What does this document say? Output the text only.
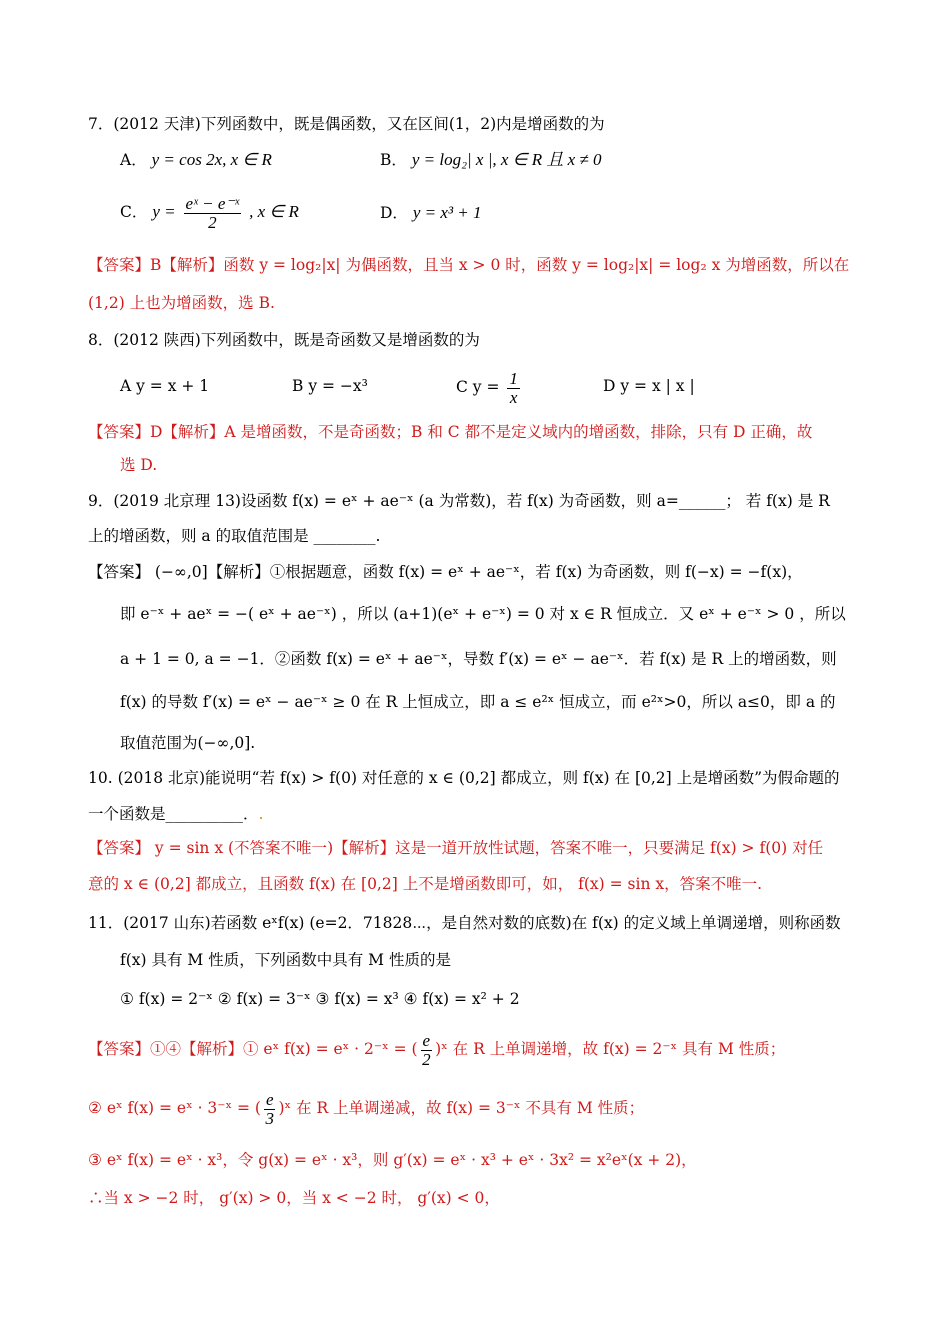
7．(2012 天津)下列函数中，既是偶函数，又在区间(1，2)内是增函数的为
A． y = cos 2x, x ∈ R	B． y = log₂| x |, x ∈ R 且 x ≠ 0
C． $y = \frac{\text{eˣ − e⁻ˣ}}{2}$ , x ∈ R	D． y = x³ + 1
【答案】B【解析】函数 y = log₂|x| 为偶函数，且当 x > 0 时，函数 y = log₂|x| = log₂ x 为增函数，所以在
(1,2) 上也为增函数，选 B.
8．(2012 陕西)下列函数中，既是奇函数又是增函数的为
A y = x + 1	B y = −x³	C $y = \frac{1}{x}$	D y = x | x |
【答案】D【解析】A 是增函数，不是奇函数；B 和 C 都不是定义域内的增函数，排除，只有 D 正确，故
选 D.
9．(2019 北京理 13)设函数 f(x) = eˣ + ae⁻ˣ (a 为常数)，若 f(x) 为奇函数，则 a=______； 若 f(x) 是 R
上的增函数，则 a 的取值范围是 ________.
【答案】 (−∞,0]【解析】①根据题意，函数 f(x) = eˣ + ae⁻ˣ，若 f(x) 为奇函数，则 f(−x) = −f(x)，
即 e⁻ˣ + aeˣ = −( eˣ + ae⁻ˣ) ，所以 (a+1)(eˣ + e⁻ˣ) = 0 对 x ∈ R 恒成立．又 eˣ + e⁻ˣ > 0 ，所以
a + 1 = 0, a = −1．②函数 f(x) = eˣ + ae⁻ˣ，导数 f′(x) = eˣ − ae⁻ˣ．若 f(x) 是 R 上的增函数，则
f(x) 的导数 f′(x) = eˣ − ae⁻ˣ ≥ 0 在 R 上恒成立，即 a ≤ e²ˣ 恒成立，而 e²ˣ>0，所以 a≤0，即 a 的
取值范围为(−∞,0].
10. (2018 北京)能说明“若 f(x) > f(0) 对任意的 x ∈ (0,2] 都成立，则 f(x) 在 [0,2] 上是增函数”为假命题的
一个函数是__________．.
【答案】 y = sin x (不答案不唯一)【解析】这是一道开放性试题，答案不唯一，只要满足 f(x) > f(0) 对任
意的 x ∈ (0,2] 都成立，且函数 f(x) 在 [0,2] 上不是增函数即可，如， f(x) = sin x，答案不唯一.
11．(2017 山东)若函数 eˣf(x) (e=2．71828⋯，是自然对数的底数)在 f(x) 的定义域上单调递增，则称函数
f(x) 具有 M 性质，下列函数中具有 M 性质的是
① f(x) = 2⁻ˣ ② f(x) = 3⁻ˣ ③ f(x) = x³ ④ f(x) = x² + 2
【答案】①④【解析】① eˣ f(x) = eˣ · 2⁻ˣ = ( $\frac{e}{2}$ )ˣ 在 R 上单调递增，故 f(x) = 2⁻ˣ 具有 M 性质；
② eˣ f(x) = eˣ · 3⁻ˣ = ( $\frac{e}{3}$ )ˣ 在 R 上单调递减，故 f(x) = 3⁻ˣ 不具有 M 性质；
③ eˣ f(x) = eˣ · x³，令 g(x) = eˣ · x³，则 g′(x) = eˣ · x³ + eˣ · 3x² = x²eˣ(x + 2)，
∴当 x > −2 时， g′(x) > 0，当 x < −2 时， g′(x) < 0，
